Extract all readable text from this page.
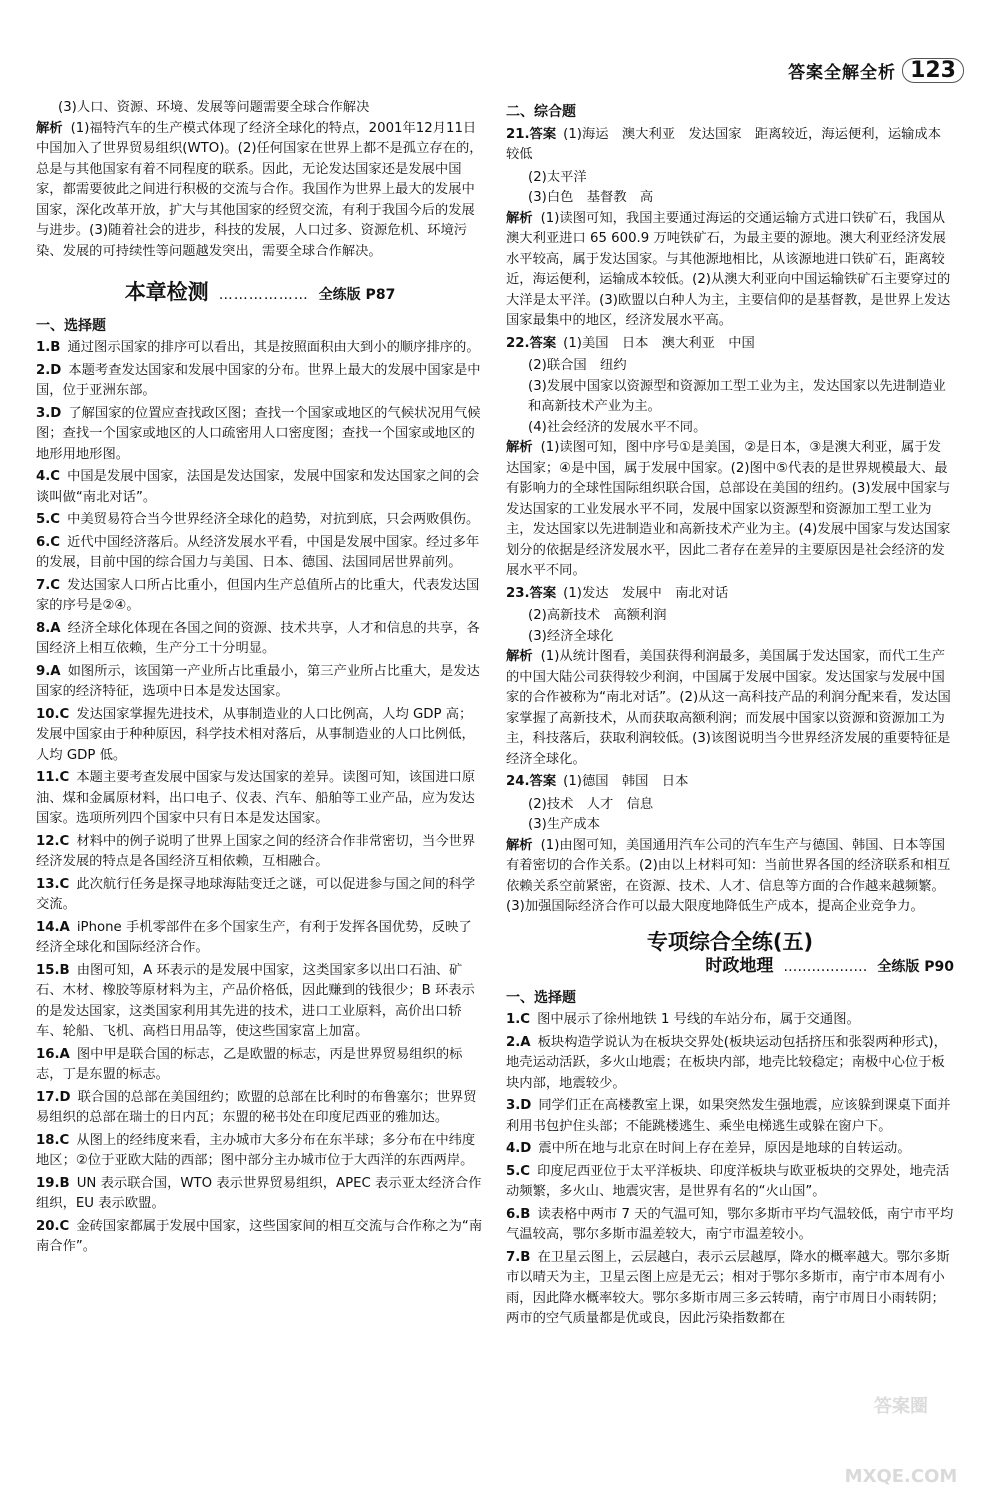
答案全解全析 123
(3)人口、资源、环境、发展等问题需要全球合作解决
解析 (1)福特汽车的生产模式体现了经济全球化的特点，2001年12月11日中国加入了世界贸易组织(WTO)。(2)任何国家在世界上都不是孤立存在的，总是与其他国家有着不同程度的联系。因此，无论发达国家还是发展中国家，都需要彼此之间进行积极的交流与合作。我国作为世界上最大的发展中国家，深化改革开放，扩大与其他国家的经贸交流，有利于我国今后的发展与进步。(3)随着社会的进步，科技的发展，人口过多、资源危机、环境污染、发展的可持续性等问题越发突出，需要全球合作解决。
本章检测 ……………… 全练版 P87
一、选择题
1.B 通过图示国家的排序可以看出，其是按照面积由大到小的顺序排序的。
2.D 本题考查发达国家和发展中国家的分布。世界上最大的发展中国家是中国，位于亚洲东部。
3.D 了解国家的位置应查找政区图；查找一个国家或地区的气候状况用气候图；查找一个国家或地区的人口疏密用人口密度图；查找一个国家或地区的地形用地形图。
4.C 中国是发展中国家，法国是发达国家，发展中国家和发达国家之间的会谈叫做“南北对话”。
5.C 中美贸易符合当今世界经济全球化的趋势，对抗到底，只会两败俱伤。
6.C 近代中国经济落后。从经济发展水平看，中国是发展中国家。经过多年的发展，目前中国的综合国力与美国、日本、德国、法国同居世界前列。
7.C 发达国家人口所占比重小，但国内生产总值所占的比重大，代表发达国家的序号是②④。
8.A 经济全球化体现在各国之间的资源、技术共享，人才和信息的共享，各国经济上相互依赖，生产分工十分明显。
9.A 如图所示，该国第一产业所占比重最小，第三产业所占比重大，是发达国家的经济特征，选项中日本是发达国家。
10.C 发达国家掌握先进技术，从事制造业的人口比例高，人均 GDP 高；发展中国家由于种种原因，科学技术相对落后，从事制造业的人口比例低，人均 GDP 低。
11.C 本题主要考查发展中国家与发达国家的差异。读图可知，该国进口原油、煤和金属原材料，出口电子、仪表、汽车、船舶等工业产品，应为发达国家。选项所列四个国家中只有日本是发达国家。
12.C 材料中的例子说明了世界上国家之间的经济合作非常密切，当今世界经济发展的特点是各国经济互相依赖，互相融合。
13.C 此次航行任务是探寻地球海陆变迁之谜，可以促进参与国之间的科学交流。
14.A iPhone 手机零部件在多个国家生产，有利于发挥各国优势，反映了经济全球化和国际经济合作。
15.B 由图可知，A 环表示的是发展中国家，这类国家多以出口石油、矿石、木材、橡胶等原材料为主，产品价格低，因此赚到的钱很少；B 环表示的是发达国家，这类国家利用其先进的技术，进口工业原料，高价出口轿车、轮船、飞机、高档日用品等，使这些国家富上加富。
16.A 图中甲是联合国的标志，乙是欧盟的标志，丙是世界贸易组织的标志，丁是东盟的标志。
17.D 联合国的总部在美国纽约；欧盟的总部在比利时的布鲁塞尔；世界贸易组织的总部在瑞士的日内瓦；东盟的秘书处在印度尼西亚的雅加达。
18.C 从图上的经纬度来看，主办城市大多分布在东半球；多分布在中纬度地区；②位于亚欧大陆的西部；图中部分主办城市位于大西洋的东西两岸。
19.B UN 表示联合国，WTO 表示世界贸易组织，APEC 表示亚太经济合作组织，EU 表示欧盟。
20.C 金砖国家都属于发展中国家，这些国家间的相互交流与合作称之为“南南合作”。
二、综合题
21.答案 (1)海运　澳大利亚　发达国家　距离较近，海运便利，运输成本较低
(2)太平洋
(3)白色　基督教　高
解析 (1)读图可知，我国主要通过海运的交通运输方式进口铁矿石，我国从澳大利亚进口 65 600.9 万吨铁矿石，为最主要的源地。澳大利亚经济发展水平较高，属于发达国家。与其他源地相比，从该源地进口铁矿石，距离较近，海运便利，运输成本较低。(2)从澳大利亚向中国运输铁矿石主要穿过的大洋是太平洋。(3)欧盟以白种人为主，主要信仰的是基督教，是世界上发达国家最集中的地区，经济发展水平高。
22.答案 (1)美国　日本　澳大利亚　中国
(2)联合国　纽约
(3)发展中国家以资源型和资源加工型工业为主，发达国家以先进制造业和高新技术产业为主。
(4)社会经济的发展水平不同。
解析 (1)读图可知，图中序号①是美国，②是日本，③是澳大利亚，属于发达国家；④是中国，属于发展中国家。(2)图中⑤代表的是世界规模最大、最有影响力的全球性国际组织联合国，总部设在美国的纽约。(3)发展中国家与发达国家的工业发展水平不同，发展中国家以资源型和资源加工型工业为主，发达国家以先进制造业和高新技术产业为主。(4)发展中国家与发达国家划分的依据是经济发展水平，因此二者存在差异的主要原因是社会经济的发展水平不同。
23.答案 (1)发达　发展中　南北对话
(2)高新技术　高额利润
(3)经济全球化
解析 (1)从统计图看，美国获得利润最多，美国属于发达国家，而代工生产的中国大陆公司获得较少利润，中国属于发展中国家。发达国家与发展中国家的合作被称为“南北对话”。(2)从这一高科技产品的利润分配来看，发达国家掌握了高新技术，从而获取高额利润；而发展中国家以资源和资源加工为主，科技落后，获取利润较低。(3)该图说明当今世界经济发展的重要特征是经济全球化。
24.答案 (1)德国　韩国　日本
(2)技术　人才　信息
(3)生产成本
解析 (1)由图可知，美国通用汽车公司的汽车生产与德国、韩国、日本等国有着密切的合作关系。(2)由以上材料可知：当前世界各国的经济联系和相互依赖关系空前紧密，在资源、技术、人才、信息等方面的合作越来越频繁。(3)加强国际经济合作可以最大限度地降低生产成本，提高企业竞争力。
专项综合全练(五)
时政地理 ……………… 全练版 P90
一、选择题
1.C 图中展示了徐州地铁 1 号线的车站分布，属于交通图。
2.A 板块构造学说认为在板块交界处(板块运动包括挤压和张裂两种形式)，地壳运动活跃，多火山地震；在板块内部，地壳比较稳定；南极中心位于板块内部，地震较少。
3.D 同学们正在高楼教室上课，如果突然发生强地震，应该躲到课桌下面并利用书包护住头部；不能跳楼逃生、乘坐电梯逃生或躲在窗户下。
4.D 震中所在地与北京在时间上存在差异，原因是地球的自转运动。
5.C 印度尼西亚位于太平洋板块、印度洋板块与欧亚板块的交界处，地壳活动频繁，多火山、地震灾害，是世界有名的“火山国”。
6.B 读表格中两市 7 天的气温可知，鄂尔多斯市平均气温较低，南宁市平均气温较高，鄂尔多斯市温差较大，南宁市温差较小。
7.B 在卫星云图上，云层越白，表示云层越厚，降水的概率越大。鄂尔多斯市以晴天为主，卫星云图上应是无云；相对于鄂尔多斯市，南宁市本周有小雨，因此降水概率较大。鄂尔多斯市周三多云转晴，南宁市周日小雨转阴；两市的空气质量都是优或良，因此污染指数都在
答案圈 MXQE.COM
